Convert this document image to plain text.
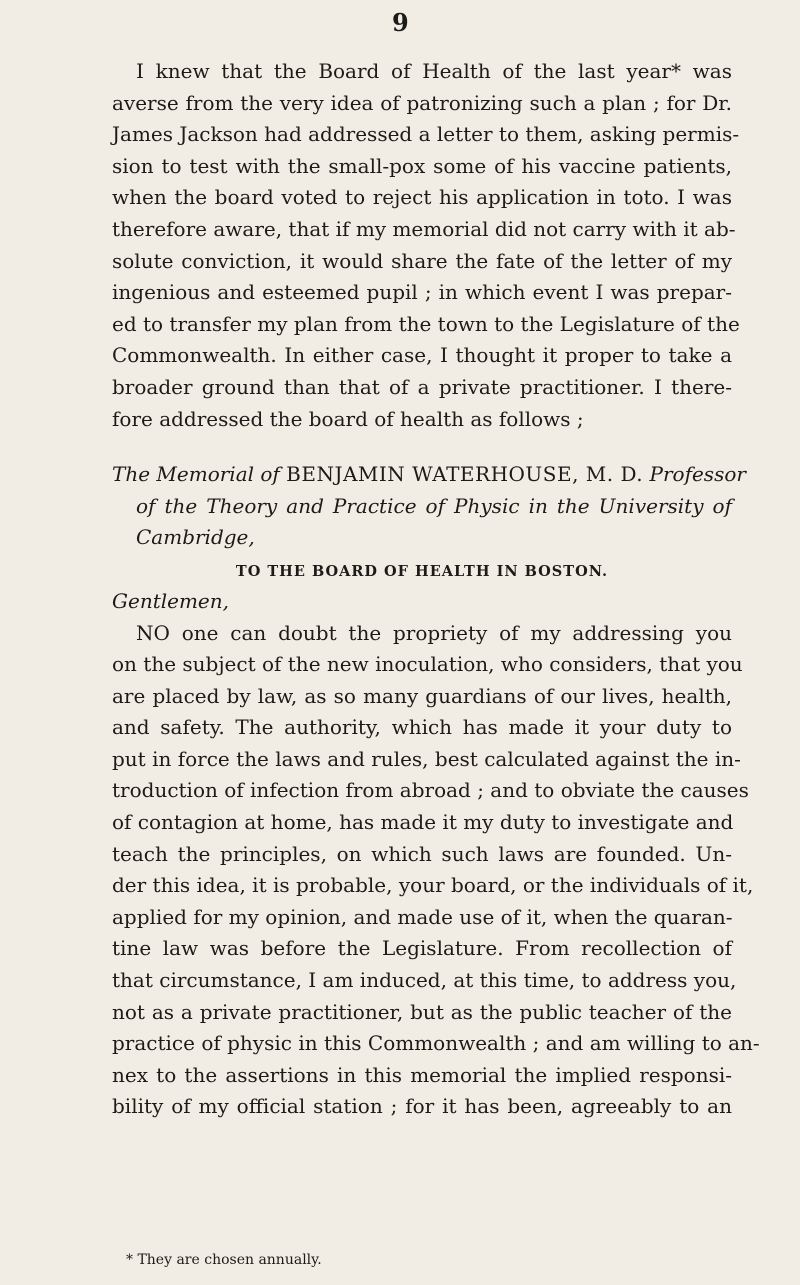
9
I knew that the Board of Health of the last year* was
averse from the very idea of patronizing such a plan ; for Dr.
James Jackson had addressed a letter to them, asking permis-
sion to test with the small-pox some of his vaccine patients,
when the board voted to reject his application in toto. I was
therefore aware, that if my memorial did not carry with it ab-
solute conviction, it would share the fate of the letter of my
ingenious and esteemed pupil ; in which event I was prepar-
ed to transfer my plan from the town to the Legislature of the
Commonwealth. In either case, I thought it proper to take a
broader ground than that of a private practitioner. I there-
fore addressed the board of health as follows ;
The Memorial of BENJAMIN WATERHOUSE, M. D. Professor
of the Theory and Practice of Physic in the University of
Cambridge,
TO THE BOARD OF HEALTH IN BOSTON.
Gentlemen,
NO one can doubt the propriety of my addressing you
on the subject of the new inoculation, who considers, that you
are placed by law, as so many guardians of our lives, health,
and safety. The authority, which has made it your duty to
put in force the laws and rules, best calculated against the in-
troduction of infection from abroad ; and to obviate the causes
of contagion at home, has made it my duty to investigate and
teach the principles, on which such laws are founded. Un-
der this idea, it is probable, your board, or the individuals of it,
applied for my opinion, and made use of it, when the quaran-
tine law was before the Legislature. From recollection of
that circumstance, I am induced, at this time, to address you,
not as a private practitioner, but as the public teacher of the
practice of physic in this Commonwealth ; and am willing to an-
nex to the assertions in this memorial the implied responsi-
bility of my official station ; for it has been, agreeably to an
* They are chosen annually.
